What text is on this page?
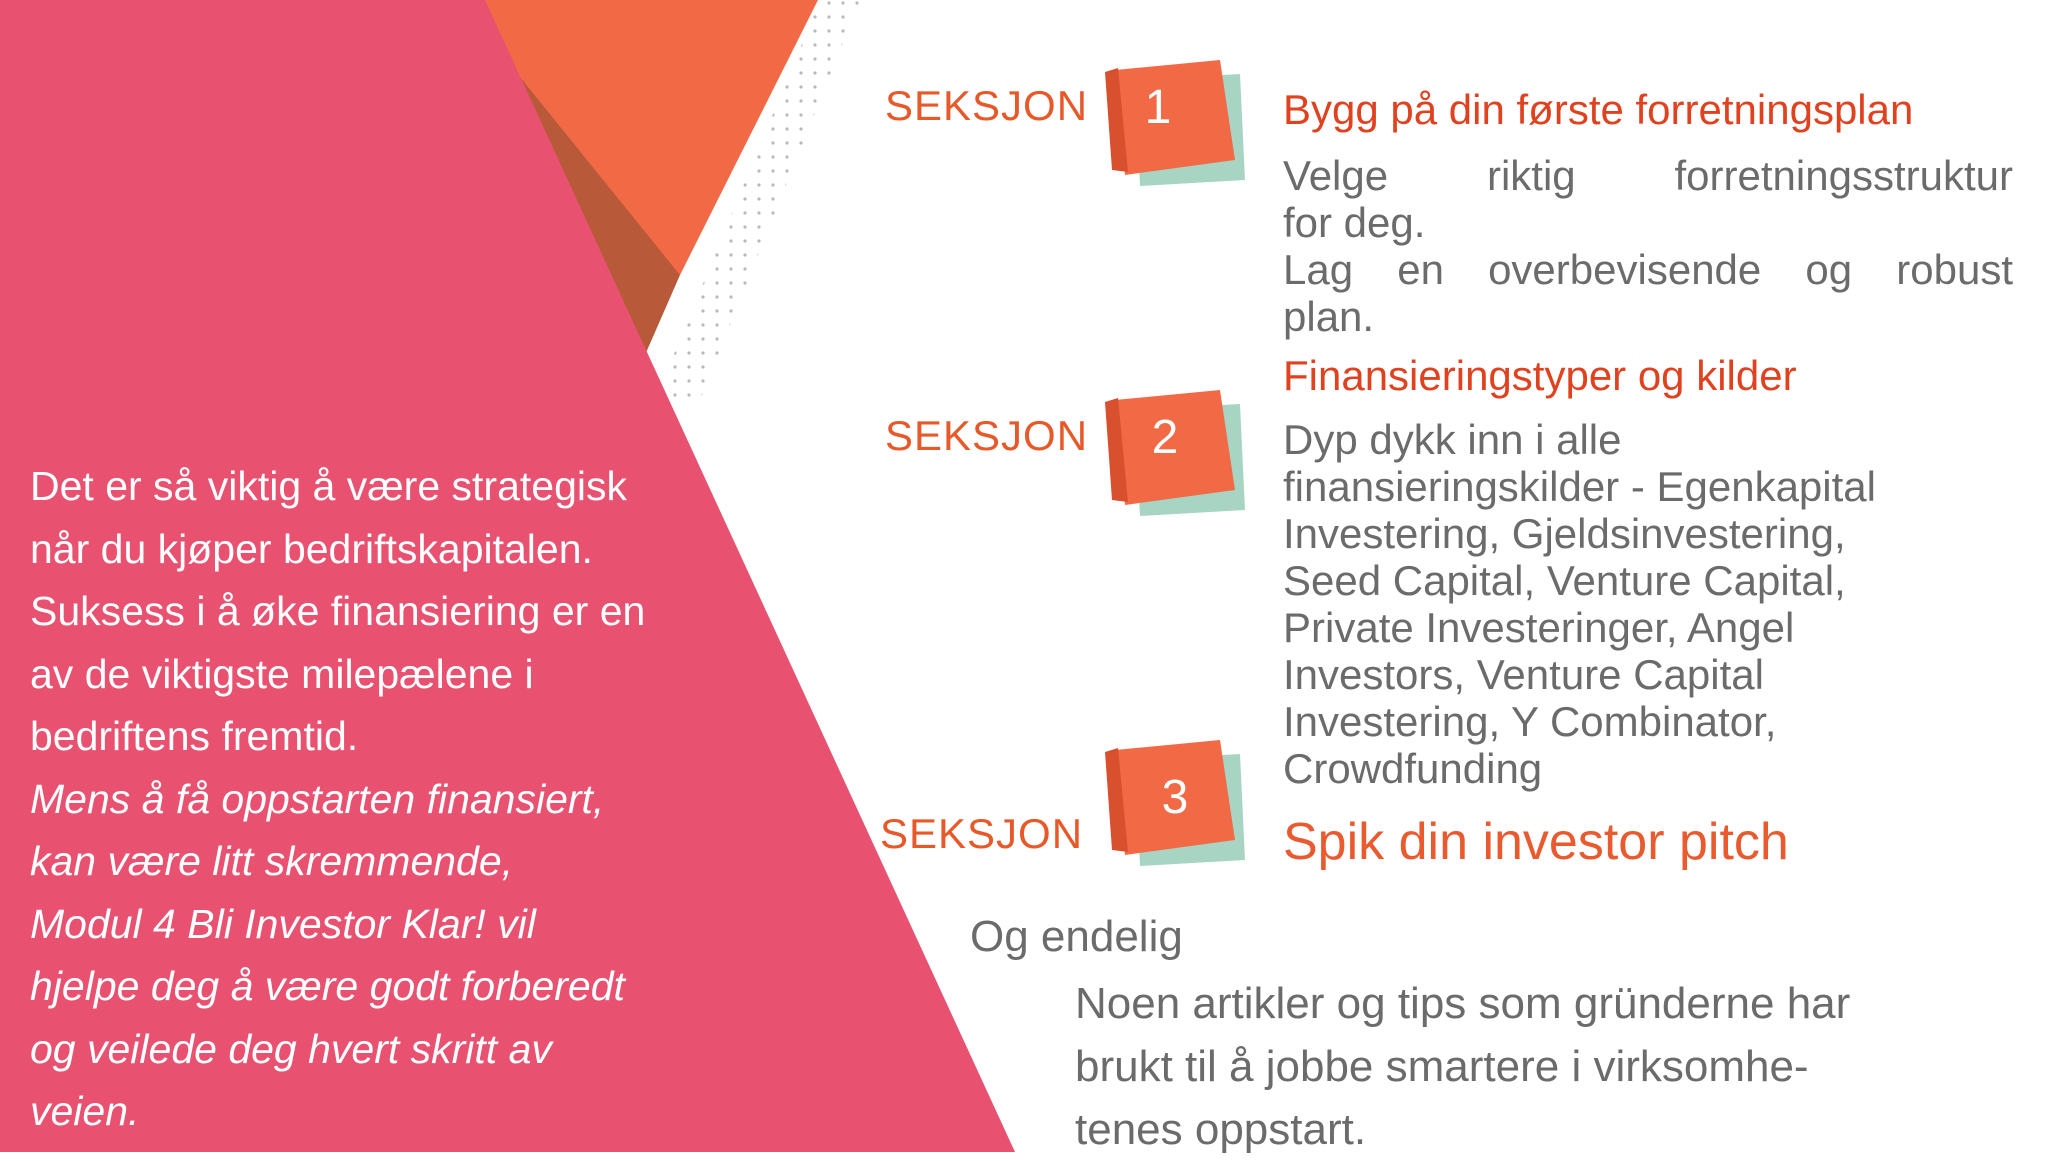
Det er så viktig å være strategisk
når du kjøper bedriftskapitalen.
Suksess i å øke finansiering er en
av de viktigste milepælene i
bedriftens fremtid.
Mens å få oppstarten finansiert,
kan være litt skremmende,
Modul 4 Bli Investor Klar! vil
hjelpe deg å være godt forberedt
og veilede deg hvert skritt av
veien.
SEKSJON	1	Bygg på din første forretningsplan
Velge riktig forretningsstruktur
for deg.
Lag en overbevisende og robust
plan.
Finansieringstyper og kilder
SEKSJON	2	Dyp dykk inn i alle
finansieringskilder - Egenkapital
Investering, Gjeldsinvestering,
Seed Capital, Venture Capital,
Private Investeringer, Angel
Investors, Venture Capital
Investering, Y Combinator,
Crowdfunding
3
SEKSJON	Spik din investor pitch
Og endelig
Noen artikler og tips som gründerne har
brukt til å jobbe smartere i virksomhe-
tenes oppstart.
